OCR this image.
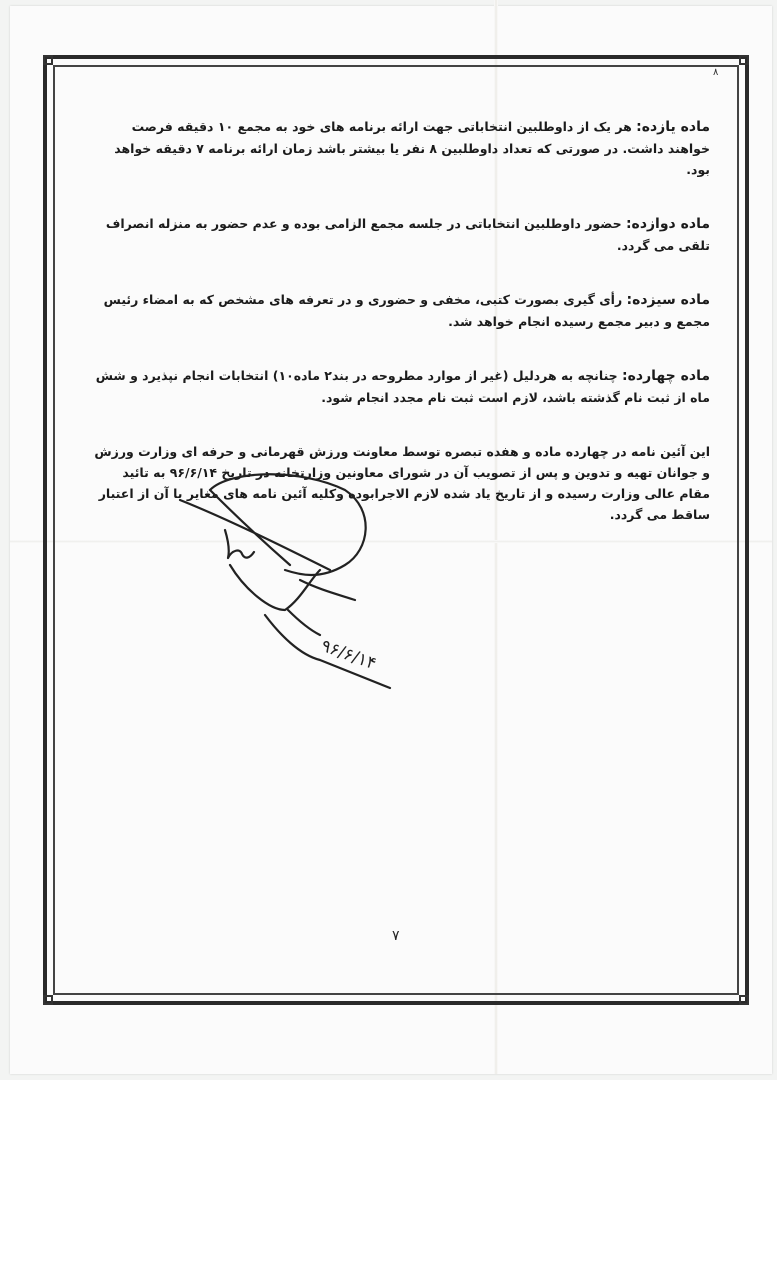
۸

ماده یازده: هر یک از داوطلبین انتخاباتی جهت ارائه برنامه های خود به مجمع ۱۰ دقیقه فرصت خواهند داشت. در صورتی که تعداد داوطلبین ۸ نفر یا بیشتر باشد زمان ارائه برنامه ۷ دقیقه خواهد بود.

ماده دوازده: حضور داوطلبین انتخاباتی در جلسه مجمع الزامی بوده و عدم حضور به منزله انصراف تلقی می گردد.

ماده سیزده: رأی گیری بصورت کتبی، مخفی و حضوری و در تعرفه های مشخص که به امضاء رئیس مجمع و دبیر مجمع رسیده انجام خواهد شد.

ماده چهارده: چنانچه به هردلیل (غیر از موارد مطروحه در بند۲ ماده۱۰) انتخابات انجام نپذیرد و شش ماه از ثبت نام گذشته باشد، لازم است ثبت نام مجدد انجام شود.

این آئین نامه در چهارده ماده و هفده تبصره توسط معاونت ورزش قهرمانی و حرفه ای وزارت ورزش و جوانان تهیه و تدوین و پس از تصویب آن در شورای معاونین وزارتخانه در تاریخ ۹۶/۶/۱۴ به تائید مقام عالی وزارت رسیده و از تاریخ یاد شده لازم الاجرابوده وکلیه آئین نامه های مغایر با آن از اعتبار ساقط می گردد.

۹۶/۶/۱۴
۷
